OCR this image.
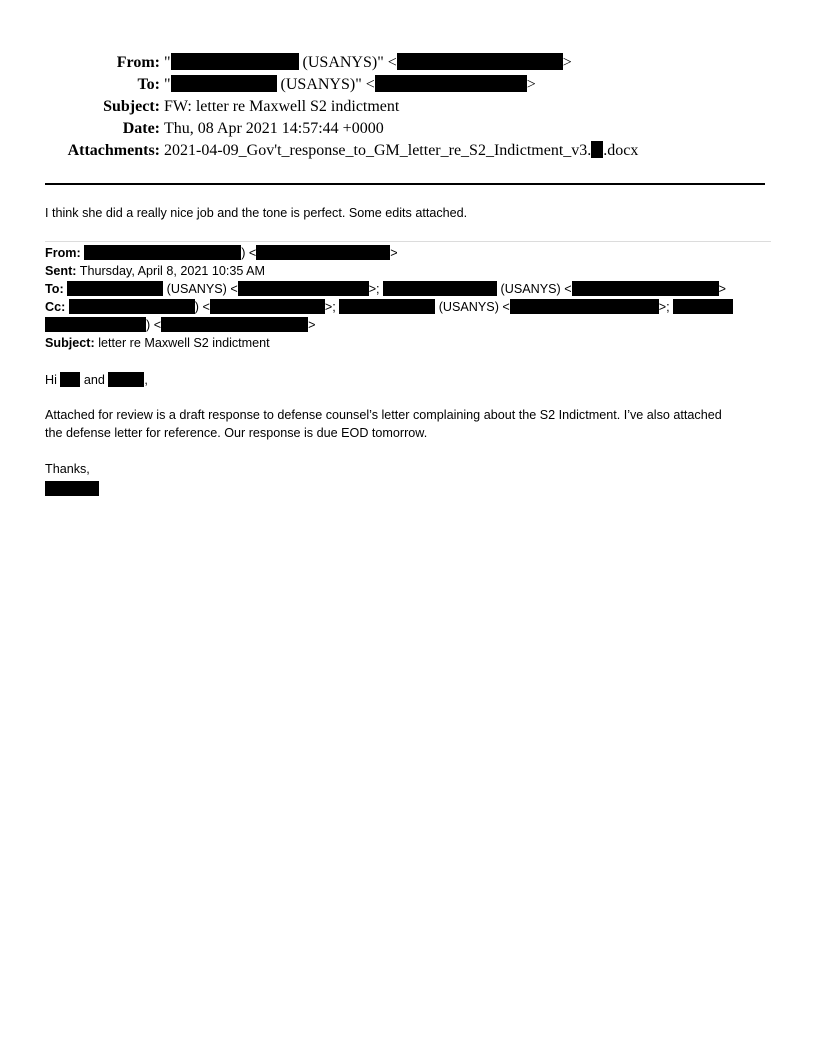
From: "	(USANYS)" <	>
To: "	(USANYS)" <	>
Subject: FW: letter re Maxwell S2 indictment
Date: Thu, 08 Apr 2021 14:57:44 +0000
Attachments: 2021-04-09_Gov't_response_to_GM_letter_re_S2_Indictment_v3. .docx
I think she did a really nice job and the tone is perfect. Some edits attached.
From:	) <	>
Sent: Thursday, April 8, 2021 10:35 AM
To:	(USANYS) <	>;	(USANYS) <	>
Cc:	) <	>;	(USANYS) <	>;
) <	>
Subject: letter re Maxwell S2 indictment
Hi and	,
Attached for review is a draft response to defense counsel’s letter complaining about the S2 Indictment. I’ve also attached
the defense letter for reference. Our response is due EOD tomorrow.
Thanks,
